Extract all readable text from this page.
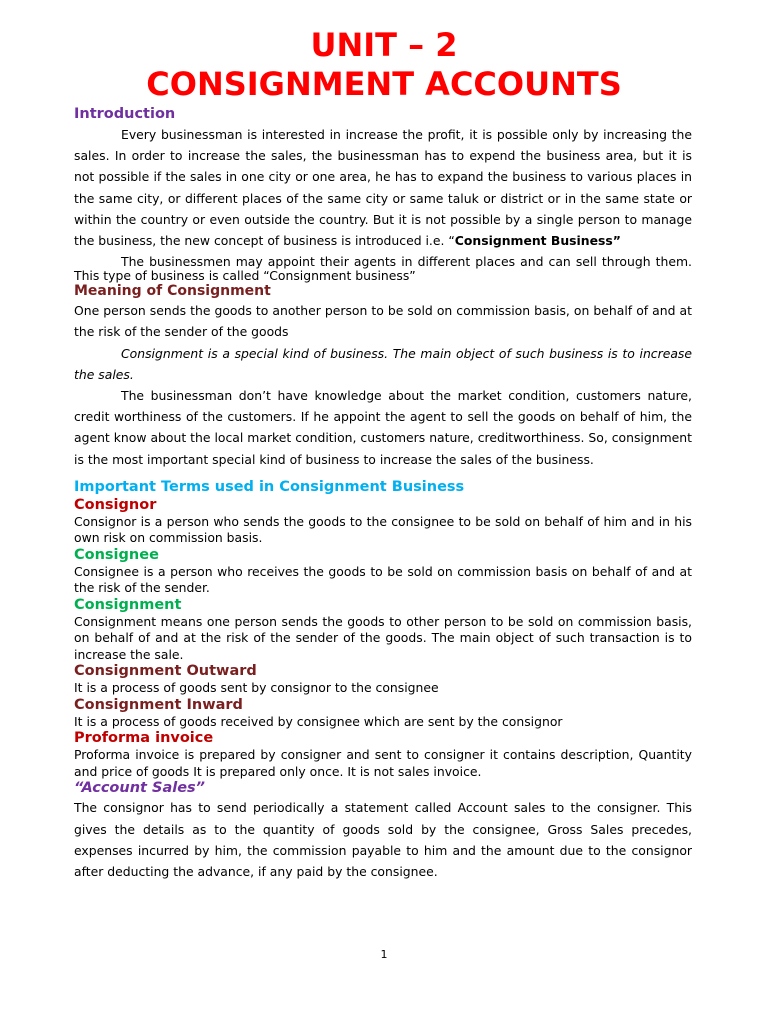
UNIT – 2
CONSIGNMENT ACCOUNTS
Introduction

Every businessman is interested in increase the profit, it is possible only by increasing the sales. In order to increase the sales, the businessman has to expend the business area, but it is not possible if the sales in one city or one area, he has to expand the business to various places in the same city, or different places of the same city or same taluk or district or in the same state or within the country or even outside the country. But it is not possible by a single person to manage the business, the new concept of business is introduced i.e. “Consignment Business”

The businessmen may appoint their agents in different places and can sell through them. This type of business is called “Consignment business”

Meaning of Consignment

One person sends the goods to another person to be sold on commission basis, on behalf of and at the risk of the sender of the goods

Consignment is a special kind of business. The main object of such business is to increase the sales.

The businessman don’t have knowledge about the market condition, customers nature, credit worthiness of the customers. If he appoint the agent to sell the goods on behalf of him, the agent know about the local market condition, customers nature, creditworthiness. So, consignment is the most important special kind of business to increase the sales of the business.

Important Terms used in Consignment Business
Consignor

Consignor is a person who sends the goods to the consignee to be sold on behalf of him and in his own risk on commission basis.

Consignee

Consignee is a person who receives the goods to be sold on commission basis on behalf of and at the risk of the sender.

Consignment

Consignment means one person sends the goods to other person to be sold on commission basis, on behalf of and at the risk of the sender of the goods. The main object of such transaction is to increase the sale.

Consignment Outward

It is a process of goods sent by consignor to the consignee

Consignment Inward

It is a process of goods received by consignee which are sent by the consignor

Proforma invoice

Proforma invoice is prepared by consigner and sent to consigner it contains description, Quantity and price of goods It is prepared only once. It is not sales invoice.

“Account Sales”

The consignor has to send periodically a statement called Account sales to the consigner. This gives the details as to the quantity of goods sold by the consignee, Gross Sales precedes, expenses incurred by him, the commission payable to him and the amount due to the consignor after deducting the advance, if any paid by the consignee.

1
